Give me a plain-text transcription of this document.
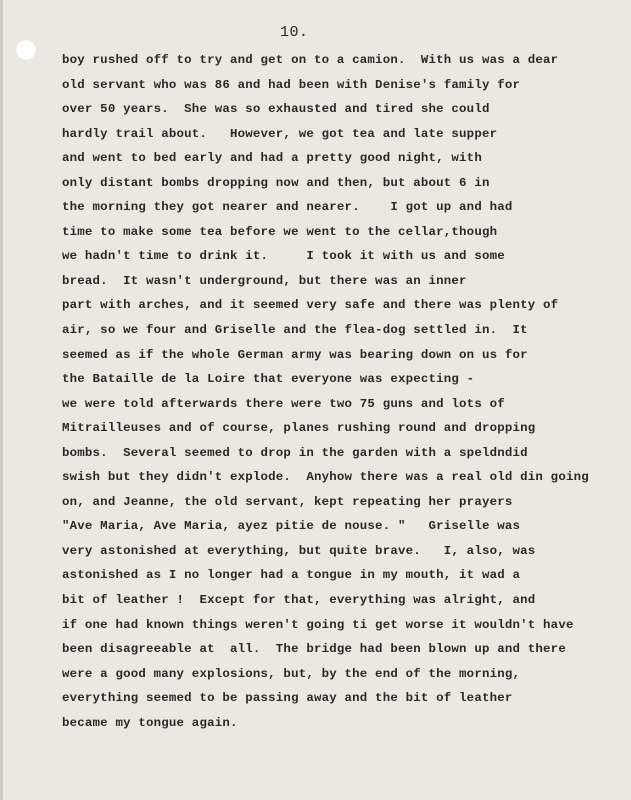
10.
boy rushed off to try and get on to a camion.  With us was a dear
old servant who was 86 and had been with Denise's family for
over 50 years.  She was so exhausted and tired she could
hardly trail about.   However, we got tea and late supper
and went to bed early and had a pretty good night, with
only distant bombs dropping now and then, but about 6 in
the morning they got nearer and nearer.    I got up and had
time to make some tea before we went to the cellar,though
we hadn't time to drink it.     I took it with us and some
bread.  It wasn't underground, but there was an inner
part with arches, and it seemed very safe and there was plenty of
air, so we four and Griselle and the flea-dog settled in.  It
seemed as if the whole German army was bearing down on us for
the Bataille de la Loire that everyone was expecting -
we were told afterwards there were two 75 guns and lots of
Mitrailleuses and of course, planes rushing round and dropping
bombs.  Several seemed to drop in the garden with a speldndid
swish but they didn't explode.  Anyhow there was a real old din going
on, and Jeanne, the old servant, kept repeating her prayers
"Ave Maria, Ave Maria, ayez pitie de nouse. "   Griselle was
very astonished at everything, but quite brave.   I, also, was
astonished as I no longer had a tongue in my mouth, it wad a
bit of leather !  Except for that, everything was alright, and
if one had known things weren't going ti get worse it wouldn't have
been disagreeable at  all.  The bridge had been blown up and there
were a good many explosions, but, by the end of the morning,
everything seemed to be passing away and the bit of leather
became my tongue again.
